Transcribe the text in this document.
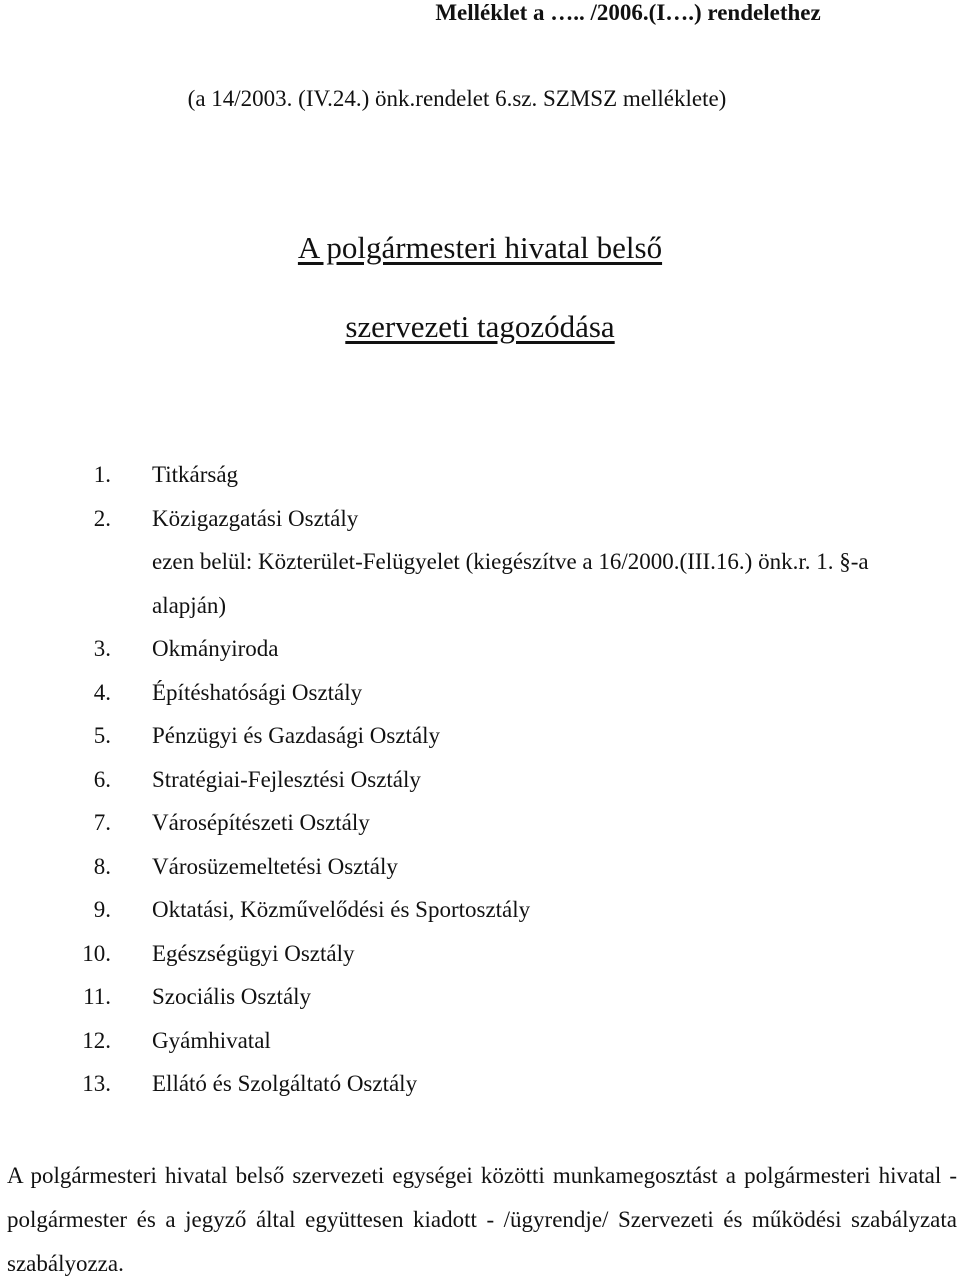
Melléklet a ….. /2006.(I….) rendelethez
(a 14/2003. (IV.24.) önk.rendelet 6.sz. SZMSZ melléklete)
A polgármesteri hivatal belső
szervezeti tagozódása
1. Titkárság
2. Közigazgatási Osztály
ezen belül: Közterület-Felügyelet (kiegészítve a 16/2000.(III.16.) önk.r. 1. §-a
alapján)
3. Okmányiroda
4. Építéshatósági Osztály
5. Pénzügyi és Gazdasági Osztály
6. Stratégiai-Fejlesztési Osztály
7. Városépítészeti Osztály
8. Városüzemeltetési Osztály
9. Oktatási, Közművelődési és Sportosztály
10. Egészségügyi Osztály
11. Szociális Osztály
12. Gyámhivatal
13. Ellátó és Szolgáltató Osztály
A polgármesteri hivatal belső szervezeti egységei közötti munkamegosztást a polgármesteri hivatal - polgármester és a jegyző által együttesen kiadott - /ügyrendje/ Szervezeti és működési szabályzata szabályozza.
